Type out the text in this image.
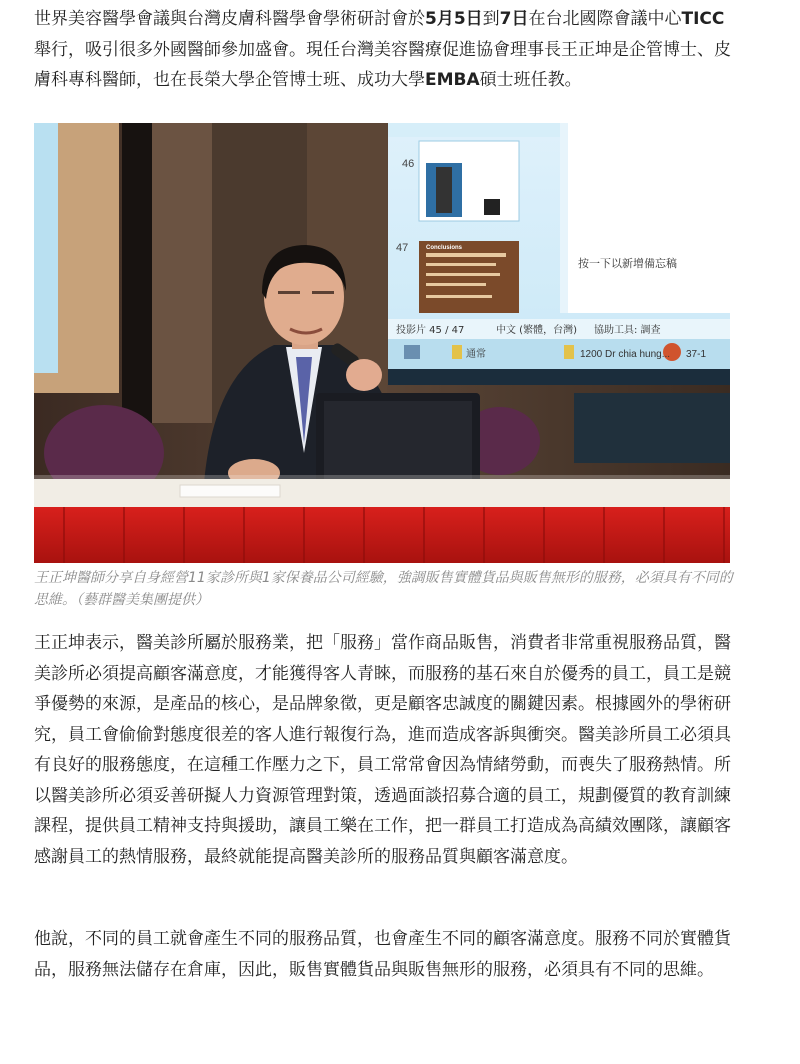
世界美容醫學會議與台灣皮膚科醫學會學術研討會於5月5日到7日在台北國際會議中心TICC舉行，吸引很多外國醫師參加盛會。現任台灣美容醫療促進協會理事長王正坤是企管博士、皮膚科專科醫師，也在長榮大學企管博士班、成功大學EMBA碩士班任教。

46
47	Conclusions
按一下以新增備忘稿
投影片 45 / 47	中文 (繁體，台灣) 協助工具: 調查
通常	1200 Dr chia hung... 37-1

王正坤醫師分享自身經營11家診所與1家保養品公司經驗，強調販售實體貨品與販售無形的服務，必須具有不同的思維。（藝群醫美集團提供）

王正坤表示，醫美診所屬於服務業，把「服務」當作商品販售，消費者非常重視服務品質，醫美診所必須提高顧客滿意度，才能獲得客人青睞，而服務的基石來自於優秀的員工，員工是競爭優勢的來源，是產品的核心，是品牌象徵，更是顧客忠誠度的關鍵因素。根據國外的學術研究，員工會偷偷對態度很差的客人進行報復行為，進而造成客訴與衝突。醫美診所員工必須具有良好的服務態度，在這種工作壓力之下，員工常常會因為情緒勞動，而喪失了服務熱情。所以醫美診所必須妥善研擬人力資源管理對策，透過面談招募合適的員工，規劃優質的教育訓練課程，提供員工精神支持與援助，讓員工樂在工作，把一群員工打造成為高績效團隊，讓顧客感謝員工的熱情服務，最終就能提高醫美診所的服務品質與顧客滿意度。

他說，不同的員工就會產生不同的服務品質，也會產生不同的顧客滿意度。服務不同於實體貨品，服務無法儲存在倉庫，因此，販售實體貨品與販售無形的服務，必須具有不同的思維。
